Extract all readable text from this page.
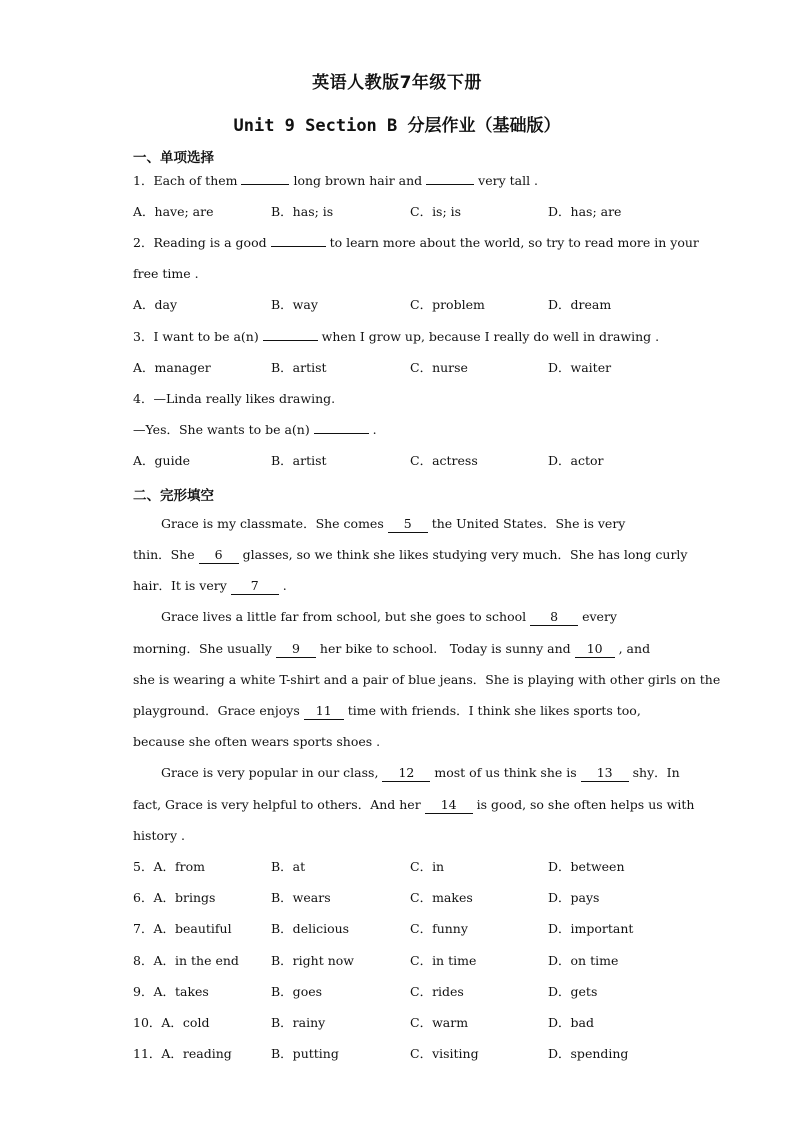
英语人教版7年级下册
Unit 9 Section B 分层作业（基础版）
一、单项选择
1．Each of them	long brown hair and	very tall .
A．have; are	B．has; is	C．is; is	D．has; are
2．Reading is a good	to learn more about the world, so try to read more in your
free time .
A．day	B．way	C．problem	D．dream
3．I want to be a(n)	when I grow up, because I really do well in drawing .
A．manager	B．artist	C．nurse	D．waiter
4．—Linda really likes drawing.
—Yes．She wants to be a(n)	.
A．guide	B．artist	C．actress	D．actor
二、完形填空
Grace is my classmate．She comes 5 the United States．She is very
thin．She 6 glasses, so we think she likes studying very much．She has long curly
hair．It is very 7 .
Grace lives a little far from school, but she goes to school 8 every
morning．She usually 9 her bike to school.　Today is sunny and 10 , and
she is wearing a white T-shirt and a pair of blue jeans．She is playing with other girls on the
playground．Grace enjoys 11 time with friends．I think she likes sports too,
because she often wears sports shoes .
Grace is very popular in our class, 12 most of us think she is 13 shy．In
fact, Grace is very helpful to others．And her 14 is good, so she often helps us with
history .
5．A．from	B．at	C．in	D．between
6．A．brings	B．wears	C．makes	D．pays
7．A．beautiful	B．delicious	C．funny	D．important
8．A．in the end	B．right now	C．in time	D．on time
9．A．takes	B．goes	C．rides	D．gets
10．A．cold	B．rainy	C．warm	D．bad
11．A．reading	B．putting	C．visiting	D．spending
